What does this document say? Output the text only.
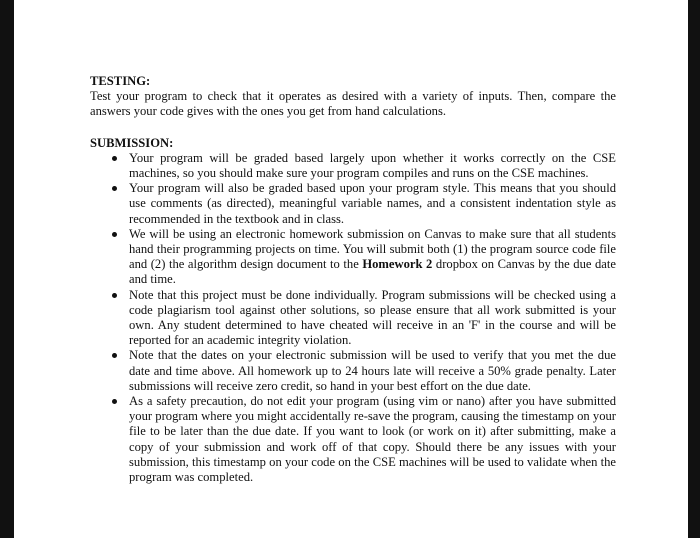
TESTING:

Test your program to check that it operates as desired with a variety of inputs. Then, compare the answers your code gives with the ones you get from hand calculations.

SUBMISSION:

Your program will be graded based largely upon whether it works correctly on the CSE machines, so you should make sure your program compiles and runs on the CSE machines.
Your program will also be graded based upon your program style. This means that you should use comments (as directed), meaningful variable names, and a consistent indentation style as recommended in the textbook and in class.
We will be using an electronic homework submission on Canvas to make sure that all students hand their programming projects on time. You will submit both (1) the program source code file and (2) the algorithm design document to the Homework 2 dropbox on Canvas by the due date and time.
Note that this project must be done individually. Program submissions will be checked using a code plagiarism tool against other solutions, so please ensure that all work submitted is your own. Any student determined to have cheated will receive in an 'F' in the course and will be reported for an academic integrity violation.
Note that the dates on your electronic submission will be used to verify that you met the due date and time above. All homework up to 24 hours late will receive a 50% grade penalty. Later submissions will receive zero credit, so hand in your best effort on the due date.
As a safety precaution, do not edit your program (using vim or nano) after you have submitted your program where you might accidentally re-save the program, causing the timestamp on your file to be later than the due date. If you want to look (or work on it) after submitting, make a copy of your submission and work off of that copy. Should there be any issues with your submission, this timestamp on your code on the CSE machines will be used to validate when the program was completed.
